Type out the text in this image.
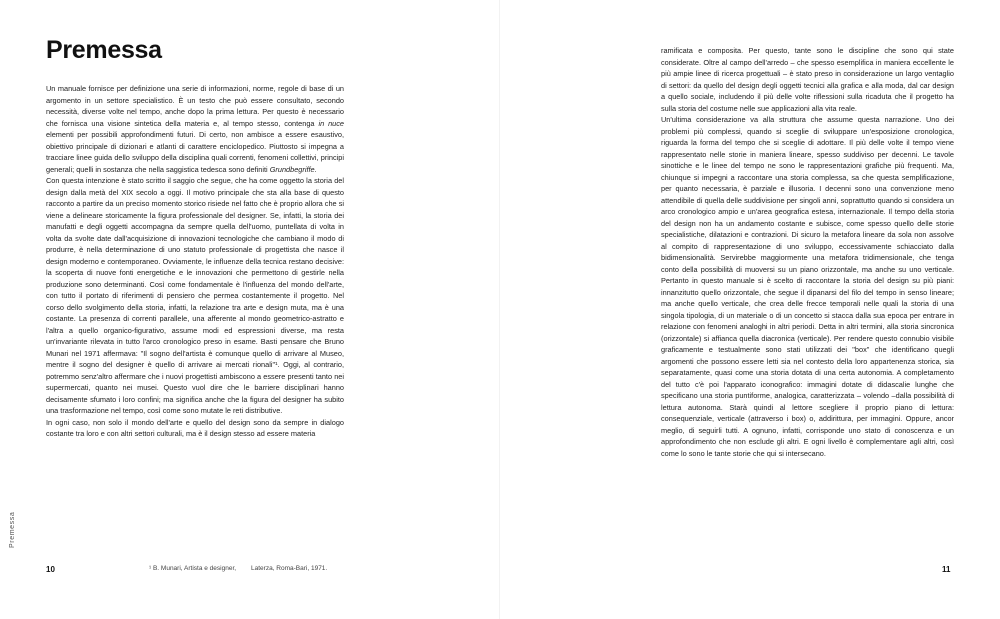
Premessa

Un manuale fornisce per definizione una serie di informazioni, norme, regole di base di un argomento in un settore specialistico. È un testo che può essere consultato, secondo necessità, diverse volte nel tempo, anche dopo la prima lettura. Per questo è necessario che fornisca una visione sintetica della materia e, al tempo stesso, contenga in nuce elementi per possibili approfondimenti futuri. Di certo, non ambisce a essere esaustivo, obiettivo principale di dizionari e atlanti di carattere enciclopedico. Piuttosto si impegna a tracciare linee guida dello sviluppo della disciplina quali correnti, fenomeni collettivi, principi generali; quelli in sostanza che nella saggistica tedesca sono definiti Grundbegriffe.

Con questa intenzione è stato scritto il saggio che segue, che ha come oggetto la storia del design dalla metà del XIX secolo a oggi. Il motivo principale che sta alla base di questo racconto a partire da un preciso momento storico risiede nel fatto che è proprio allora che si viene a delineare storicamente la figura professionale del designer. Se, infatti, la storia dei manufatti e degli oggetti accompagna da sempre quella dell'uomo, puntellata di volta in volta da svolte date dall'acquisizione di innovazioni tecnologiche che cambiano il modo di produrre, è nella determinazione di uno statuto professionale di progettista che nasce il design moderno e contemporaneo. Ovviamente, le influenze della tecnica restano decisive: la scoperta di nuove fonti energetiche e le innovazioni che permettono di gestirle nella produzione sono determinanti. Così come fondamentale è l'influenza del mondo dell'arte, con tutto il portato di riferimenti di pensiero che permea costantemente il progetto. Nel corso dello svolgimento della storia, infatti, la relazione tra arte e design muta, ma è una costante. La presenza di correnti parallele, una afferente al mondo geometrico-astratto e l'altra a quello organico-figurativo, assume modi ed espressioni diverse, ma resta un'invariante rilevata in tutto l'arco cronologico preso in esame. Basti pensare che Bruno Munari nel 1971 affermava: "Il sogno dell'artista è comunque quello di arrivare al Museo, mentre il sogno del designer è quello di arrivare ai mercati rionali"¹. Oggi, al contrario, potremmo senz'altro affermare che i nuovi progettisti ambiscono a essere presenti tanto nei supermercati, quanto nei musei. Questo vuol dire che le barriere disciplinari hanno decisamente sfumato i loro confini; ma significa anche che la figura del designer ha subito una trasformazione nel tempo, così come sono mutate le reti distributive.

In ogni caso, non solo il mondo dell'arte e quello del design sono da sempre in dialogo costante tra loro e con altri settori culturali, ma è il design stesso ad essere materia

Premessa
10	¹ B. Munari, Artista e designer, Laterza, Roma-Bari, 1971.

ramificata e composita. Per questo, tante sono le discipline che sono qui state considerate. Oltre al campo dell'arredo – che spesso esemplifica in maniera eccellente le più ampie linee di ricerca progettuali – è stato preso in considerazione un largo ventaglio di settori: da quello del design degli oggetti tecnici alla grafica e alla moda, dal car design a quello sociale, includendo il più delle volte riflessioni sulla ricaduta che il progetto ha sulla storia del costume nelle sue applicazioni alla vita reale.

Un'ultima considerazione va alla struttura che assume questa narrazione. Uno dei problemi più complessi, quando si sceglie di sviluppare un'esposizione cronologica, riguarda la forma del tempo che si sceglie di adottare. Il più delle volte il tempo viene rappresentato nelle storie in maniera lineare, spesso suddiviso per decenni. Le tavole sinottiche e le linee del tempo ne sono le rappresentazioni grafiche più frequenti. Ma, chiunque si impegni a raccontare una storia complessa, sa che questa semplificazione, per quanto necessaria, è parziale e illusoria. I decenni sono una convenzione meno attendibile di quella delle suddivisione per singoli anni, soprattutto quando si considera un arco cronologico ampio e un'area geografica estesa, internazionale. Il tempo della storia del design non ha un andamento costante e subisce, come spesso quello delle storie specialistiche, dilatazioni e contrazioni. Di sicuro la metafora lineare da sola non assolve al compito di rappresentazione di uno sviluppo, eccessivamente schiacciato dalla bidimensionalità. Servirebbe maggiormente una metafora tridimensionale, che tenga conto della possibilità di muoversi su un piano orizzontale, ma anche su uno verticale. Pertanto in questo manuale si è scelto di raccontare la storia del design su più piani: innanzitutto quello orizzontale, che segue il dipanarsi del filo del tempo in senso lineare; ma anche quello verticale, che crea delle frecce temporali nelle quali la storia di una singola tipologia, di un materiale o di un concetto si stacca dalla sua epoca per entrare in relazione con fenomeni analoghi in altri periodi. Detta in altri termini, alla storia sincronica (orizzontale) si affianca quella diacronica (verticale). Per rendere questo connubio visibile graficamente e testualmente sono stati utilizzati dei "box" che identificano quegli argomenti che possono essere letti sia nel contesto della loro appartenenza storica, sia separatamente, quasi come una storia dotata di una certa autonomia. A completamento del tutto c'è poi l'apparato iconografico: immagini dotate di didascalie lunghe che specificano una storia puntiforme, analogica, caratterizzata – volendo –dalla possibilità di lettura autonoma. Starà quindi al lettore scegliere il proprio piano di lettura: consequenziale, verticale (attraverso i box) o, addirittura, per immagini. Oppure, ancor meglio, di seguirli tutti. A ognuno, infatti, corrisponde uno stato di conoscenza e un approfondimento che non esclude gli altri. E ogni livello è complementare agli altri, così come lo sono le tante storie che qui si intersecano.

11
